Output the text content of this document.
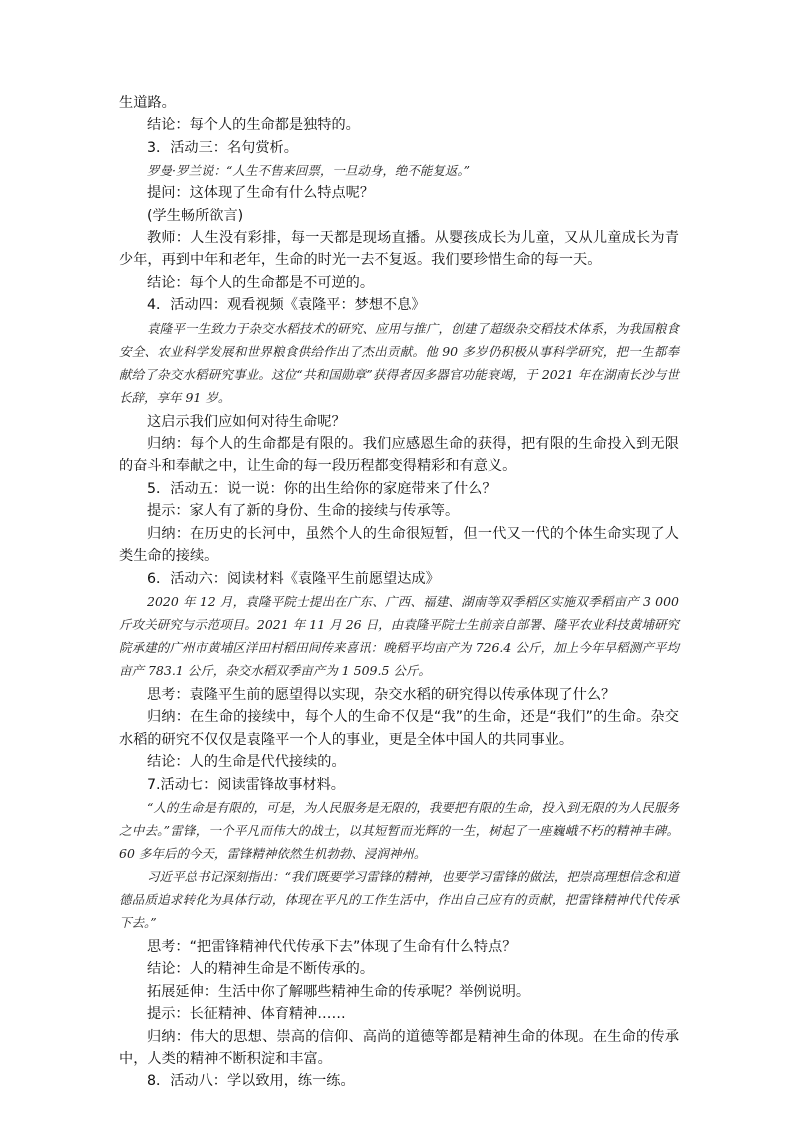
生道路。

结论：每个人的生命都是独特的。

3．活动三：名句赏析。

罗曼·罗兰说：“人生不售来回票，一旦动身，绝不能复返。”

提问：这体现了生命有什么特点呢？

(学生畅所欲言)

教师：人生没有彩排，每一天都是现场直播。从婴孩成长为儿童，又从儿童成长为青少年，再到中年和老年，生命的时光一去不复返。我们要珍惜生命的每一天。

结论：每个人的生命都是不可逆的。

4．活动四：观看视频《袁隆平：梦想不息》

袁隆平一生致力于杂交水稻技术的研究、应用与推广，创建了超级杂交稻技术体系，为我国粮食安全、农业科学发展和世界粮食供给作出了杰出贡献。他 90 多岁仍积极从事科学研究，把一生都奉献给了杂交水稻研究事业。这位“共和国勋章”获得者因多器官功能衰竭，于 2021 年在湖南长沙与世长辞，享年 91 岁。

这启示我们应如何对待生命呢？

归纳：每个人的生命都是有限的。我们应感恩生命的获得，把有限的生命投入到无限的奋斗和奉献之中，让生命的每一段历程都变得精彩和有意义。

5．活动五：说一说：你的出生给你的家庭带来了什么？

提示：家人有了新的身份、生命的接续与传承等。

归纳：在历史的长河中，虽然个人的生命很短暂，但一代又一代的个体生命实现了人类生命的接续。

6．活动六：阅读材料《袁隆平生前愿望达成》

2020 年 12 月，袁隆平院士提出在广东、广西、福建、湖南等双季稻区实施双季稻亩产 3 000 斤攻关研究与示范项目。2021 年 11 月 26 日，由袁隆平院士生前亲自部署、隆平农业科技黄埔研究院承建的广州市黄埔区洋田村稻田间传来喜讯：晚稻平均亩产为 726.4 公斤，加上今年早稻测产平均亩产 783.1 公斤，杂交水稻双季亩产为 1 509.5 公斤。

思考：袁隆平生前的愿望得以实现，杂交水稻的研究得以传承体现了什么？

归纳：在生命的接续中，每个人的生命不仅是“我”的生命，还是“我们”的生命。杂交水稻的研究不仅仅是袁隆平一个人的事业，更是全体中国人的共同事业。

结论：人的生命是代代接续的。

7.活动七：阅读雷锋故事材料。

“人的生命是有限的，可是，为人民服务是无限的，我要把有限的生命，投入到无限的为人民服务之中去。”雷锋，一个平凡而伟大的战士，以其短暂而光辉的一生，树起了一座巍峨不朽的精神丰碑。60 多年后的今天，雷锋精神依然生机勃勃、浸润神州。

习近平总书记深刻指出：“我们既要学习雷锋的精神，也要学习雷锋的做法，把崇高理想信念和道德品质追求转化为具体行动，体现在平凡的工作生活中，作出自己应有的贡献，把雷锋精神代代传承下去。”

思考：“把雷锋精神代代传承下去”体现了生命有什么特点？

结论：人的精神生命是不断传承的。

拓展延伸：生活中你了解哪些精神生命的传承呢？举例说明。

提示：长征精神、体育精神……

归纳：伟大的思想、崇高的信仰、高尚的道德等都是精神生命的体现。在生命的传承中，人类的精神不断积淀和丰富。

8．活动八：学以致用，练一练。
